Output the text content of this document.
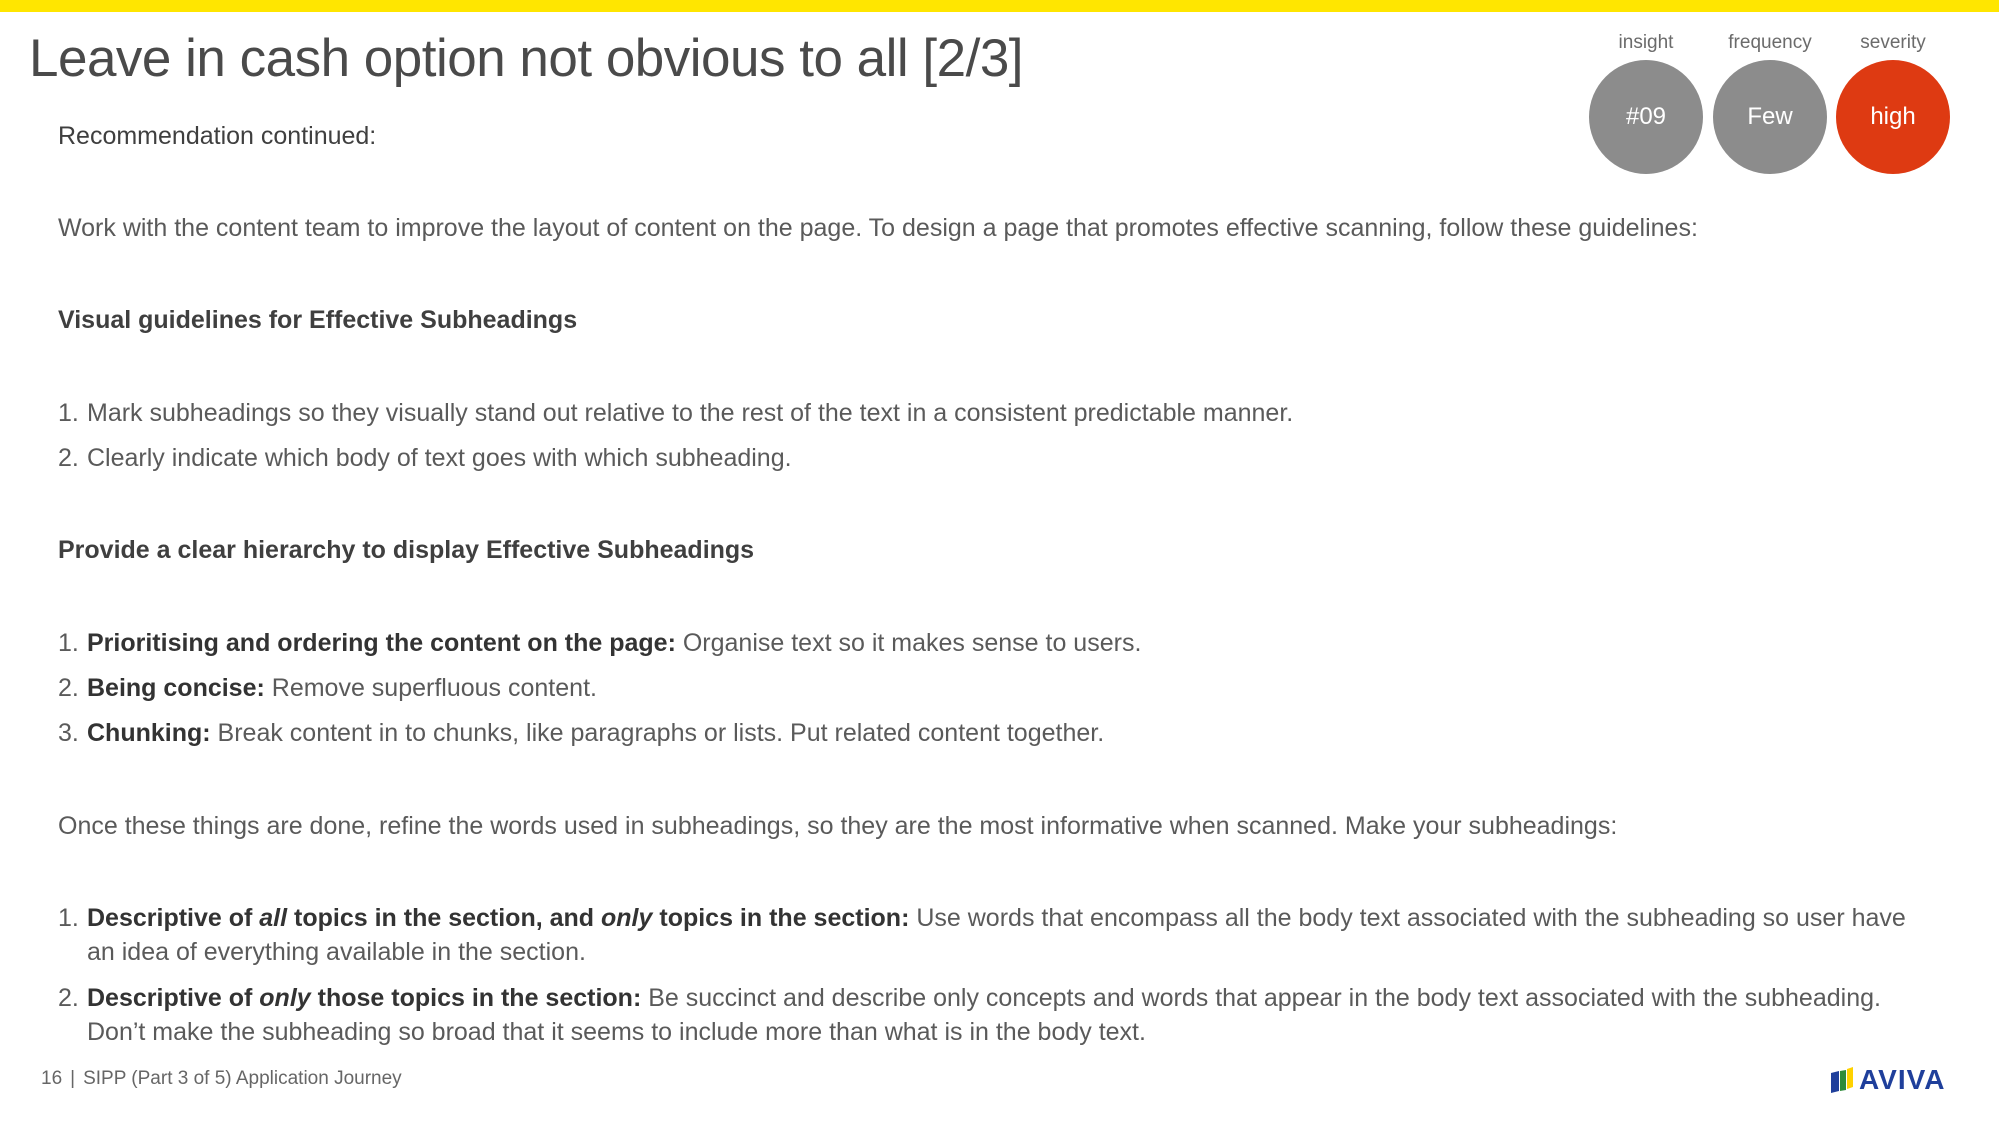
Leave in cash option not obvious to all [2/3]	insight
#09
frequency
Few
severity
high
Recommendation continued:
Work with the content team to improve the layout of content on the page. To design a page that promotes effective scanning, follow these guidelines:
Visual guidelines for Effective Subheadings
1. Mark subheadings so they visually stand out relative to the rest of the text in a consistent predictable manner.
2. Clearly indicate which body of text goes with which subheading.
Provide a clear hierarchy to display Effective Subheadings
1. Prioritising and ordering the content on the page: Organise text so it makes sense to users.
2. Being concise: Remove superfluous content.
3. Chunking: Break content in to chunks, like paragraphs or lists. Put related content together.
Once these things are done, refine the words used in subheadings, so they are the most informative when scanned. Make your subheadings:
1. Descriptive of all topics in the section, and only topics in the section: Use words that encompass all the body text associated with the subheading so user have an idea of everything available in the section.
2. Descriptive of only those topics in the section: Be succinct and describe only concepts and words that appear in the body text associated with the subheading. Don’t make the subheading so broad that it seems to include more than what is in the body text.
16 | SIPP (Part 3 of 5) Application Journey	AVIVA
